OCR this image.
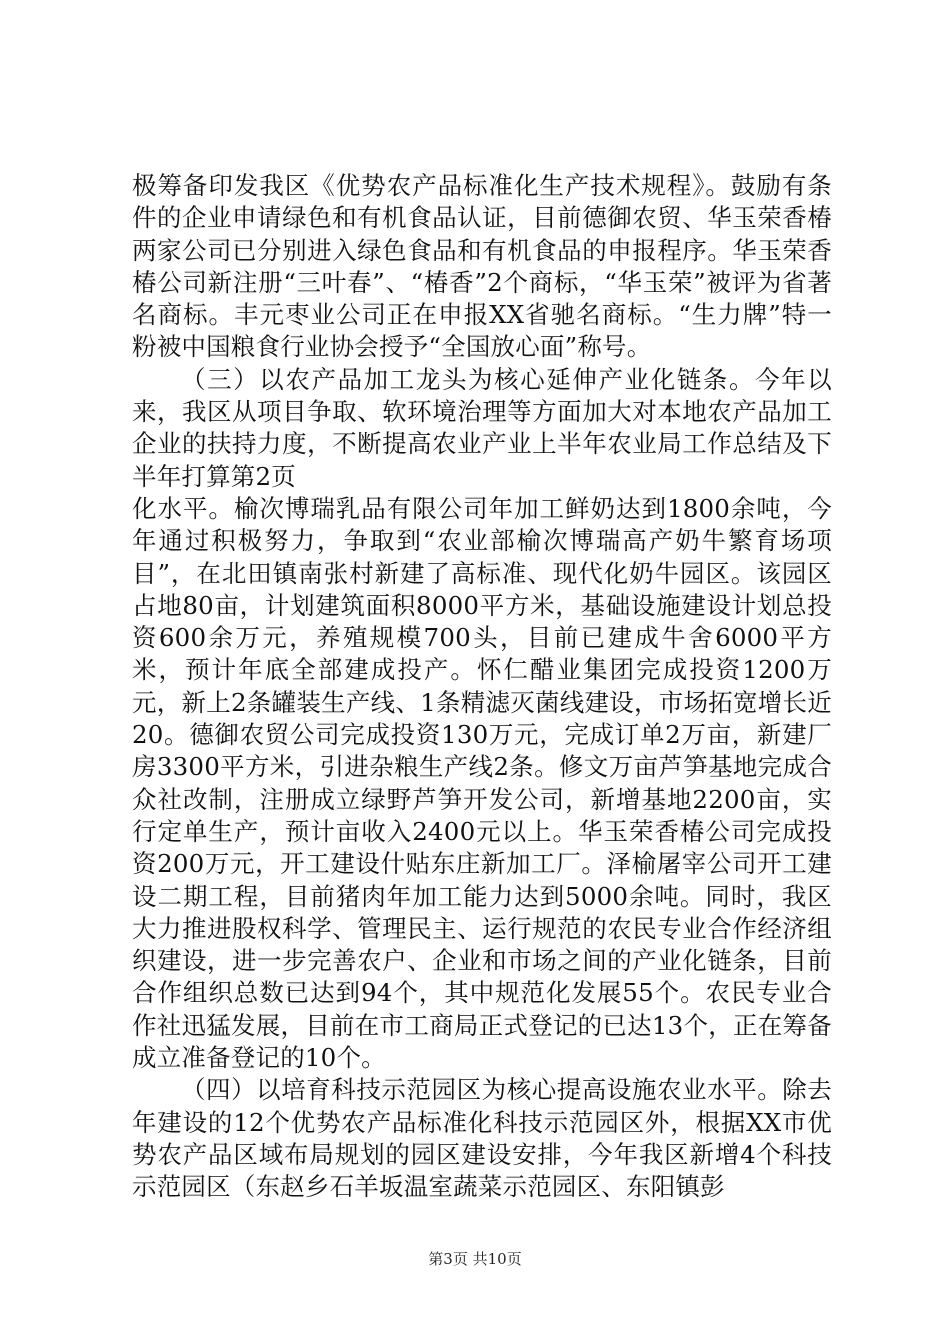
极筹备印发我区《优势农产品标准化生产技术规程》。鼓励有条件的企业申请绿色和有机食品认证，目前德御农贸、华玉荣香椿两家公司已分别进入绿色食品和有机食品的申报程序。华玉荣香椿公司新注册“三叶春”、“椿香”2个商标，“华玉荣”被评为省著名商标。丰元枣业公司正在申报XX省驰名商标。“生力牌”特一粉被中国粮食行业协会授予“全国放心面”称号。

（三）以农产品加工龙头为核心延伸产业化链条。今年以来，我区从项目争取、软环境治理等方面加大对本地农产品加工企业的扶持力度，不断提高农业产业上半年农业局工作总结及下半年打算第2页

化水平。榆次博瑞乳品有限公司年加工鲜奶达到1800余吨，今年通过积极努力，争取到“农业部榆次博瑞高产奶牛繁育场项目”，在北田镇南张村新建了高标准、现代化奶牛园区。该园区占地80亩，计划建筑面积8000平方米，基础设施建设计划总投资600余万元，养殖规模700头，目前已建成牛舍6000平方米，预计年底全部建成投产。怀仁醋业集团完成投资1200万元，新上2条罐装生产线、1条精滤灭菌线建设，市场拓宽增长近20。德御农贸公司完成投资130万元，完成订单2万亩，新建厂房3300平方米，引进杂粮生产线2条。修文万亩芦笋基地完成合众社改制，注册成立绿野芦笋开发公司，新增基地2200亩，实行定单生产，预计亩收入2400元以上。华玉荣香椿公司完成投资200万元，开工建设什贴东庄新加工厂。泽榆屠宰公司开工建设二期工程，目前猪肉年加工能力达到5000余吨。同时，我区大力推进股权科学、管理民主、运行规范的农民专业合作经济组织建设，进一步完善农户、企业和市场之间的产业化链条，目前合作组织总数已达到94个，其中规范化发展55个。农民专业合作社迅猛发展，目前在市工商局正式登记的已达13个，正在筹备成立准备登记的10个。

（四）以培育科技示范园区为核心提高设施农业水平。除去年建设的12个优势农产品标准化科技示范园区外，根据XX市优势农产品区域布局规划的园区建设安排，今年我区新增4个科技示范园区（东赵乡石羊坂温室蔬菜示范园区、东阳镇彭

第3页 共10页
